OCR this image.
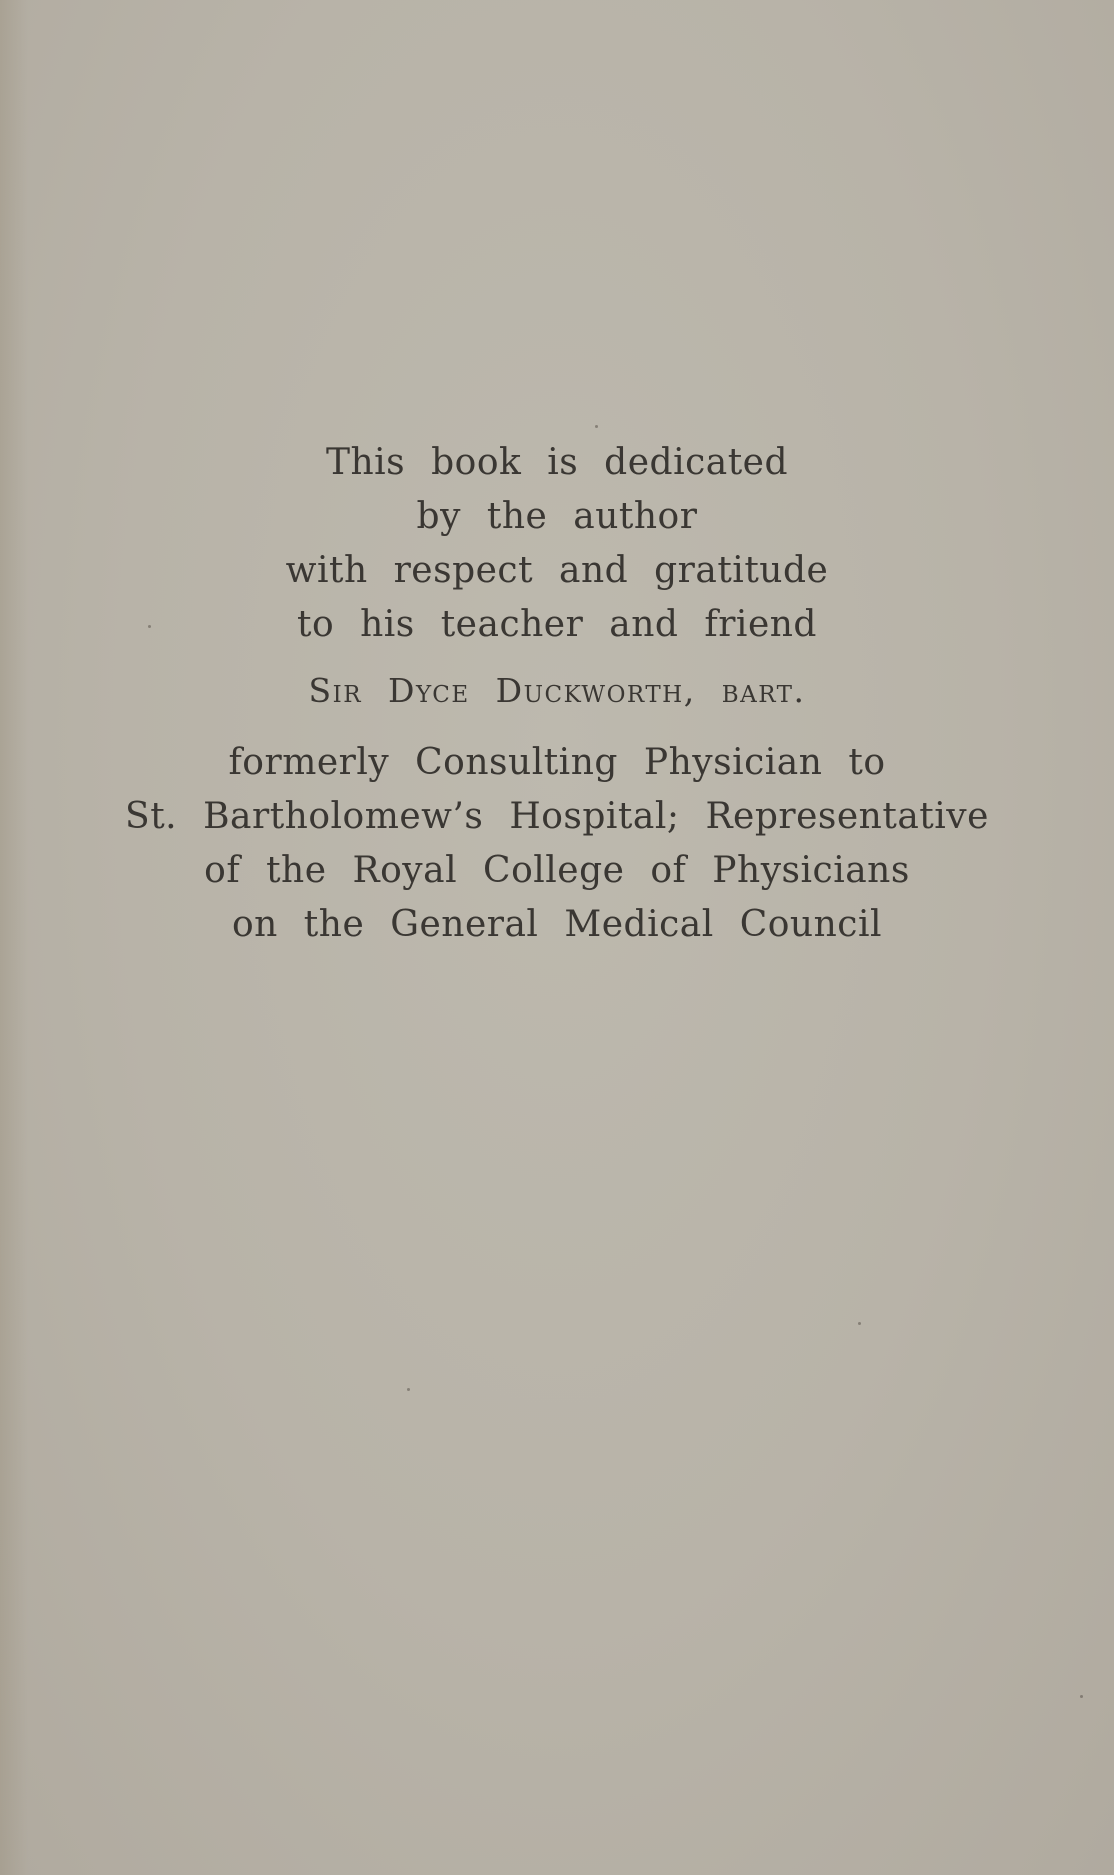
This book is dedicated
by the author
with respect and gratitude
to his teacher and friend
Sir Dyce Duckworth, bart.
formerly Consulting Physician to
St. Bartholomew’s Hospital; Representative
of the Royal College of Physicians
on the General Medical Council
